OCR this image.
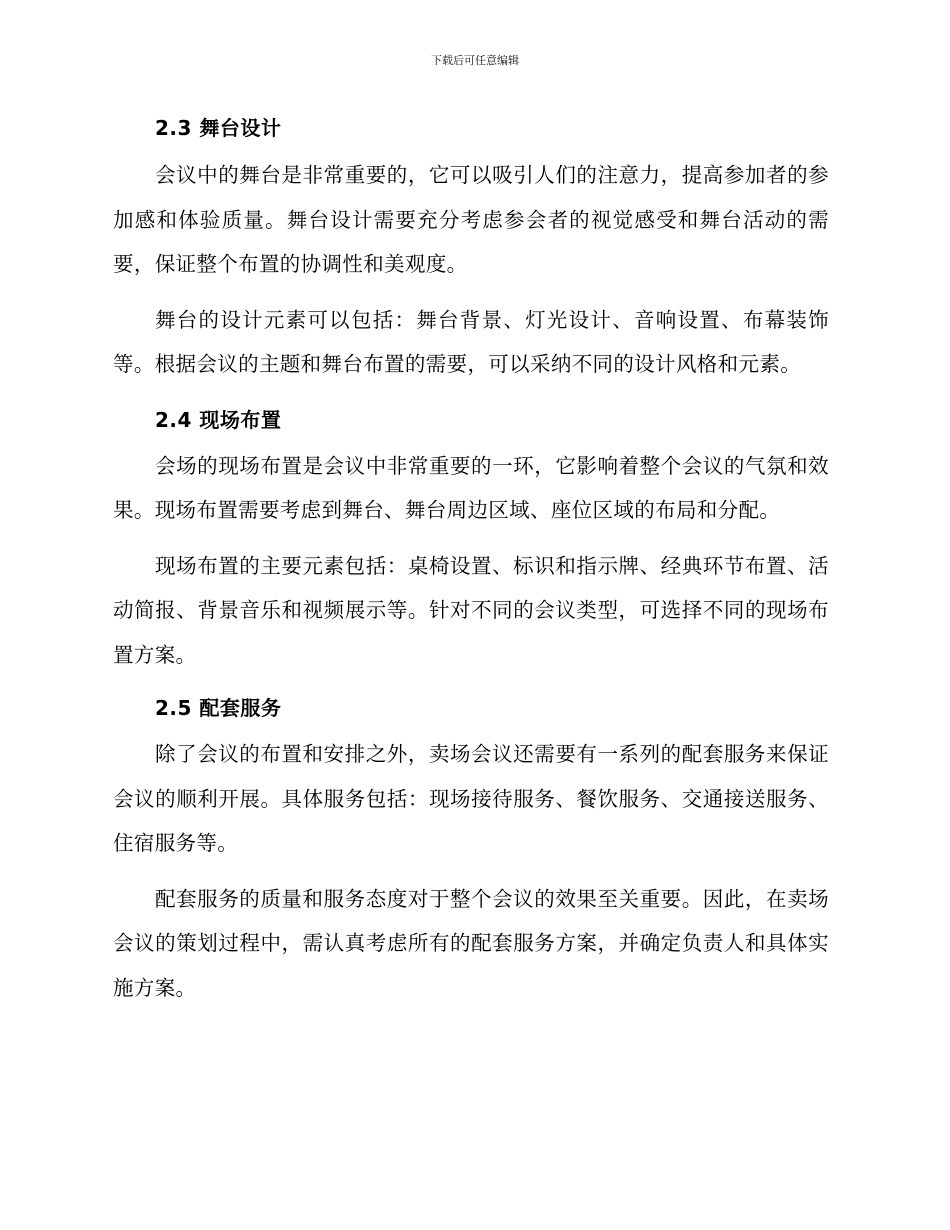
下载后可任意编辑
2.3 舞台设计

会议中的舞台是非常重要的，它可以吸引人们的注意力，提高参加者的参加感和体验质量。舞台设计需要充分考虑参会者的视觉感受和舞台活动的需要，保证整个布置的协调性和美观度。

舞台的设计元素可以包括：舞台背景、灯光设计、音响设置、布幕装饰等。根据会议的主题和舞台布置的需要，可以采纳不同的设计风格和元素。

2.4 现场布置

会场的现场布置是会议中非常重要的一环，它影响着整个会议的气氛和效果。现场布置需要考虑到舞台、舞台周边区域、座位区域的布局和分配。

现场布置的主要元素包括：桌椅设置、标识和指示牌、经典环节布置、活动简报、背景音乐和视频展示等。针对不同的会议类型，可选择不同的现场布置方案。

2.5 配套服务

除了会议的布置和安排之外，卖场会议还需要有一系列的配套服务来保证会议的顺利开展。具体服务包括：现场接待服务、餐饮服务、交通接送服务、住宿服务等。

配套服务的质量和服务态度对于整个会议的效果至关重要。因此，在卖场会议的策划过程中，需认真考虑所有的配套服务方案，并确定负责人和具体实施方案。
